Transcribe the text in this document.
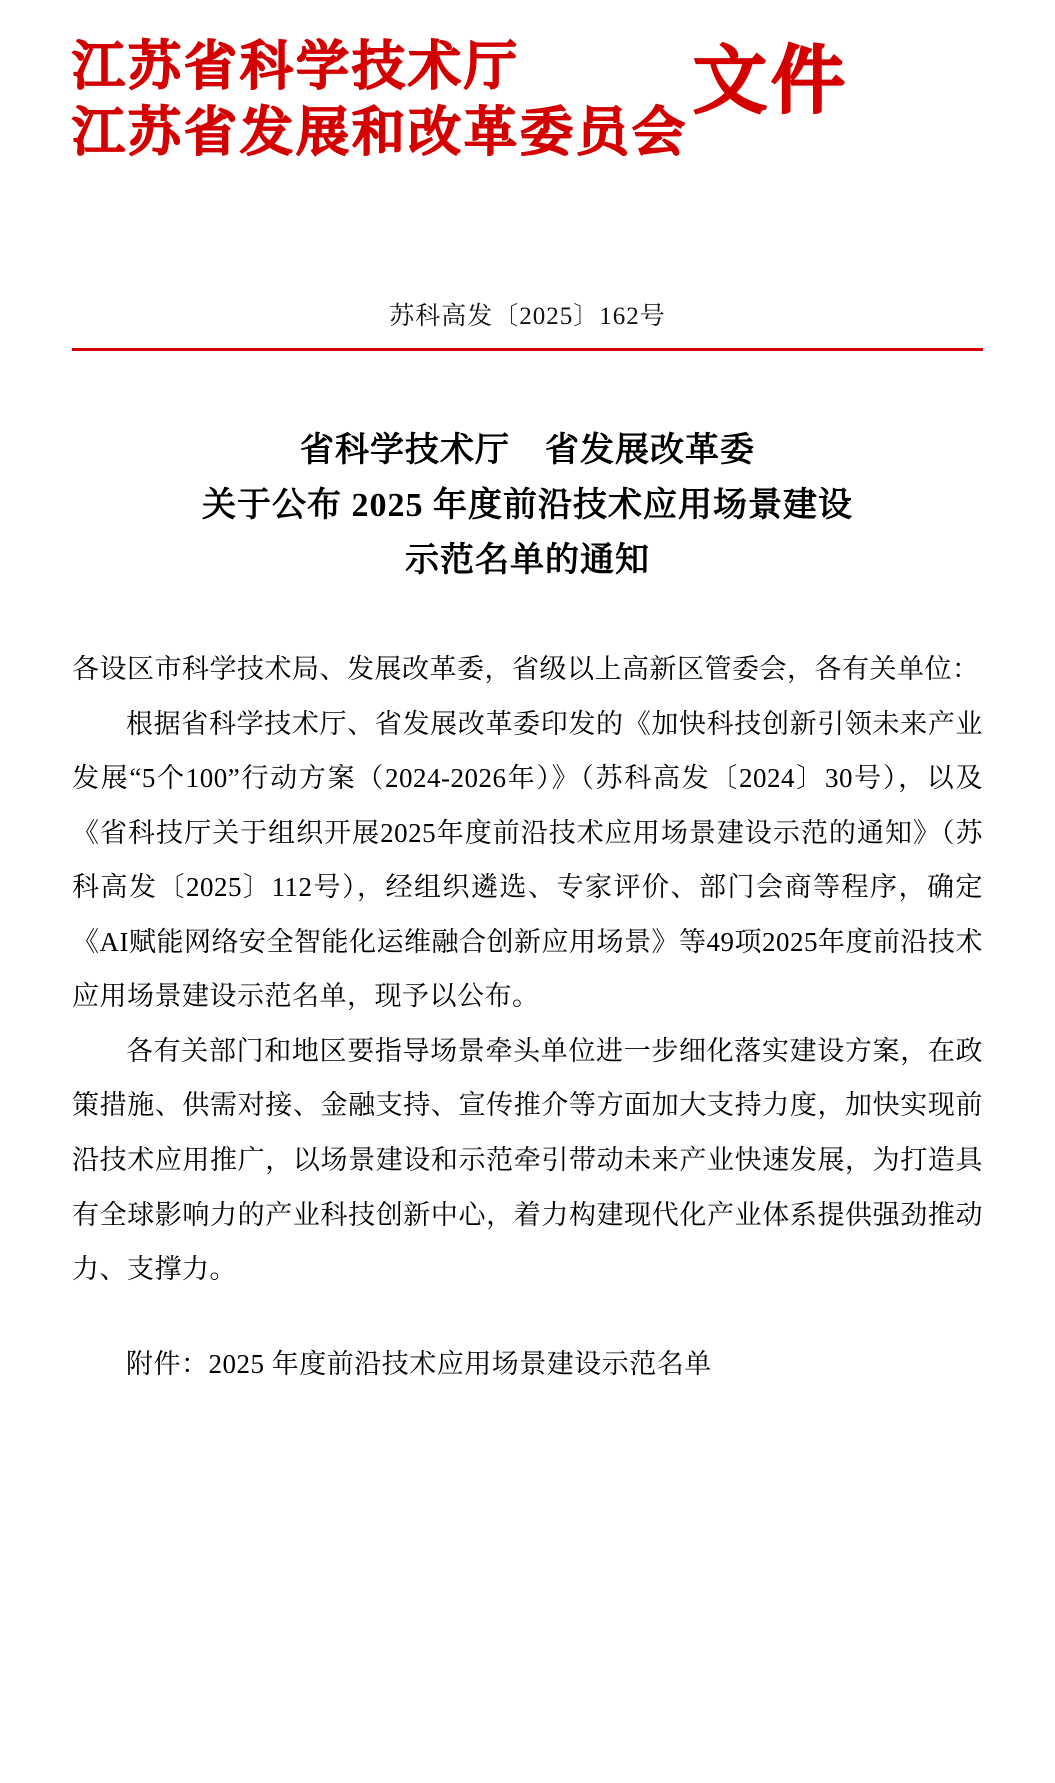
江苏省科学技术厅
江苏省发展和改革委员会
文件
苏科高发〔2025〕162号
省科学技术厅　省发展改革委
关于公布 2025 年度前沿技术应用场景建设
示范名单的通知

各设区市科学技术局、发展改革委，省级以上高新区管委会，各有关单位：

根据省科学技术厅、省发展改革委印发的《加快科技创新引领未来产业发展“5个100”行动方案（2024-2026年）》（苏科高发〔2024〕30号），以及《省科技厅关于组织开展2025年度前沿技术应用场景建设示范的通知》（苏科高发〔2025〕112号），经组织遴选、专家评价、部门会商等程序，确定《AI赋能网络安全智能化运维融合创新应用场景》等49项2025年度前沿技术应用场景建设示范名单，现予以公布。

各有关部门和地区要指导场景牵头单位进一步细化落实建设方案，在政策措施、供需对接、金融支持、宣传推介等方面加大支持力度，加快实现前沿技术应用推广，以场景建设和示范牵引带动未来产业快速发展，为打造具有全球影响力的产业科技创新中心，着力构建现代化产业体系提供强劲推动力、支撑力。

附件：2025 年度前沿技术应用场景建设示范名单
